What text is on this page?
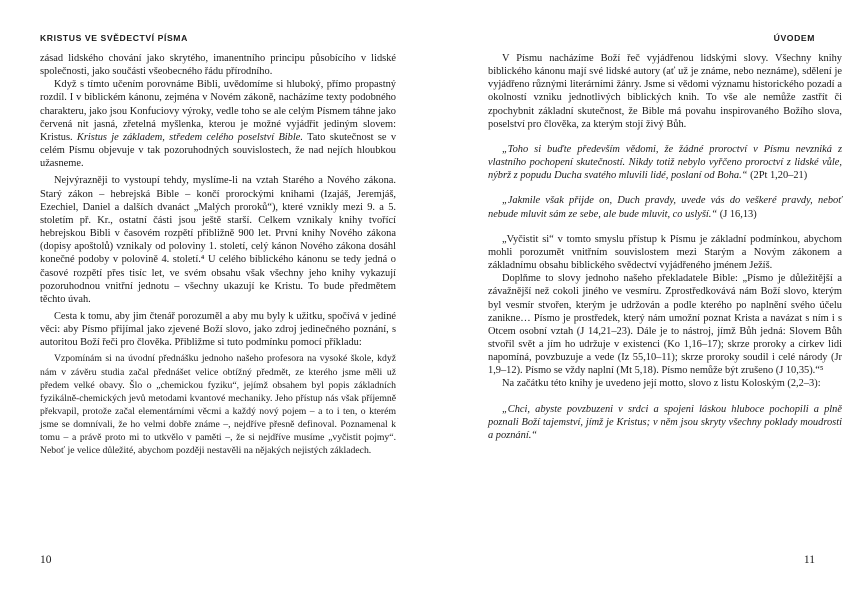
KRISTUS VE SVĚDECTVÍ PÍSMA

zásad lidského chování jako skrytého, imanentního principu působícího v lidské společnosti, jako součásti všeobecného řádu přírodního.

Když s tímto učením porovnáme Bibli, uvědomíme si hluboký, přímo propastný rozdíl. I v biblickém kánonu, zejména v Novém zákoně, nacházíme texty podobného charakteru, jako jsou Konfuciovy výroky, vedle toho se ale celým Písmem táhne jako červená nit jasná, zřetelná myšlenka, kterou je možné vyjádřit jediným slovem: Kristus. Kristus je základem, středem celého poselství Bible. Tato skutečnost se v celém Písmu objevuje v tak pozoruhodných souvislostech, že nad nejích hloubkou užasneme.

Nejvýrazněji to vystoupí tehdy, myslíme-li na vztah Starého a Nového zákona. Starý zákon – hebrejská Bible – končí prorockými knihami (Izajáš, Jeremjáš, Ezechiel, Daniel a dalších dvanáct „Malých proroků“), které vznikly mezi 9. a 5. stoletím př. Kr., ostatní části jsou ještě starší. Celkem vznikaly knihy tvořící hebrejskou Bibli v časovém rozpětí přibližně 900 let. První knihy Nového zákona (dopisy apoštolů) vznikaly od poloviny 1. století, celý kánon Nového zákona dosáhl konečné podoby v polovině 4. století.⁴ U celého biblického kánonu se tedy jedná o časové rozpětí přes tisíc let, ve svém obsahu však všechny jeho knihy vykazují pozoruhodnou vnitřní jednotu – všechny ukazují ke Kristu. To bude předmětem těchto úvah.

Cesta k tomu, aby jim čtenář porozuměl a aby mu byly k užitku, spočívá v jediné věci: aby Písmo přijímal jako zjevené Boží slovo, jako zdroj jedinečného poznání, s autoritou Boží řeči pro člověka. Přibližme si tuto podmínku pomocí příkladu:

Vzpomínám si na úvodní přednášku jednoho našeho profesora na vysoké škole, když nám v závěru studia začal přednášet velice obtížný předmět, ze kterého jsme měli už předem velké obavy. Šlo o „chemickou fyziku“, jejímž obsahem byl popis základních fyzikálně-chemických jevů metodami kvantové mechaniky. Jeho přístup nás však příjemně překvapil, protože začal elementárními věcmi a každý nový pojem – a to i ten, o kterém jsme se domnívali, že ho velmi dobře známe –, nejdříve přesně definoval. Poznamenal k tomu – a právě proto mi to utkvělo v paměti –, že si nejdříve musíme „vyčistit pojmy“. Neboť je velice důležité, abychom později nestavěli na nějakých nejistých základech.

10
ÚVODEM

V Písmu nacházíme Boží řeč vyjádřenou lidskými slovy. Všechny knihy biblického kánonu mají své lidské autory (ať už je známe, nebo neznáme), sdělení je vyjádřeno různými literárními žánry. Jsme si vědomi významu historického pozadí a okolností vzniku jednotlivých biblických knih. To vše ale nemůže zastřít či zpochybnit základní skutečnost, že Bible má povahu inspirovaného Božího slova, poselství pro člověka, za kterým stojí živý Bůh.

„Toho si buďte především vědomi, že žádné proroctví v Písmu nevzniká z vlastního pochopení skutečností. Nikdy totiž nebylo vyřčeno proroctví z lidské vůle, nýbrž z popudu Ducha svatého mluvili lidé, poslaní od Boha.“ (2Pt 1,20–21)

„Jakmile však přijde on, Duch pravdy, uvede vás do veškeré pravdy, neboť nebude mluvit sám ze sebe, ale bude mluvit, co uslyší.“ (J 16,13)

„Vyčistit si“ v tomto smyslu přístup k Písmu je základní podmínkou, abychom mohli porozumět vnitřním souvislostem mezi Starým a Novým zákonem a základnímu obsahu biblického svědectví vyjádřeného jménem Ježíš.

Doplňme to slovy jednoho našeho překladatele Bible: „Písmo je důležitější a závažnější než cokoli jiného ve vesmíru. Zprostředkovává nám Boží slovo, kterým byl vesmír stvořen, kterým je udržován a podle kterého po naplnění svého účelu zanikne… Písmo je prostředek, který nám umožní poznat Krista a navázat s ním i s Otcem osobní vztah (J 14,21–23). Dále je to nástroj, jímž Bůh jedná: Slovem Bůh stvořil svět a jím ho udržuje v existenci (Ko 1,16–17); skrze proroky a církev lidi napomíná, povzbuzuje a vede (Iz 55,10–11); skrze proroky soudil i celé národy (Jr 1,9–12). Písmo se vždy naplní (Mt 5,18). Písmo nemůže být zrušeno (J 10,35).“⁵

Na začátku této knihy je uvedeno její motto, slovo z listu Koloským (2,2–3):

„Chci, abyste povzbuzeni v srdci a spojeni láskou hluboce pochopili a plně poznali Boží tajemství, jímž je Kristus; v něm jsou skryty všechny poklady moudrosti a poznání.“

11
